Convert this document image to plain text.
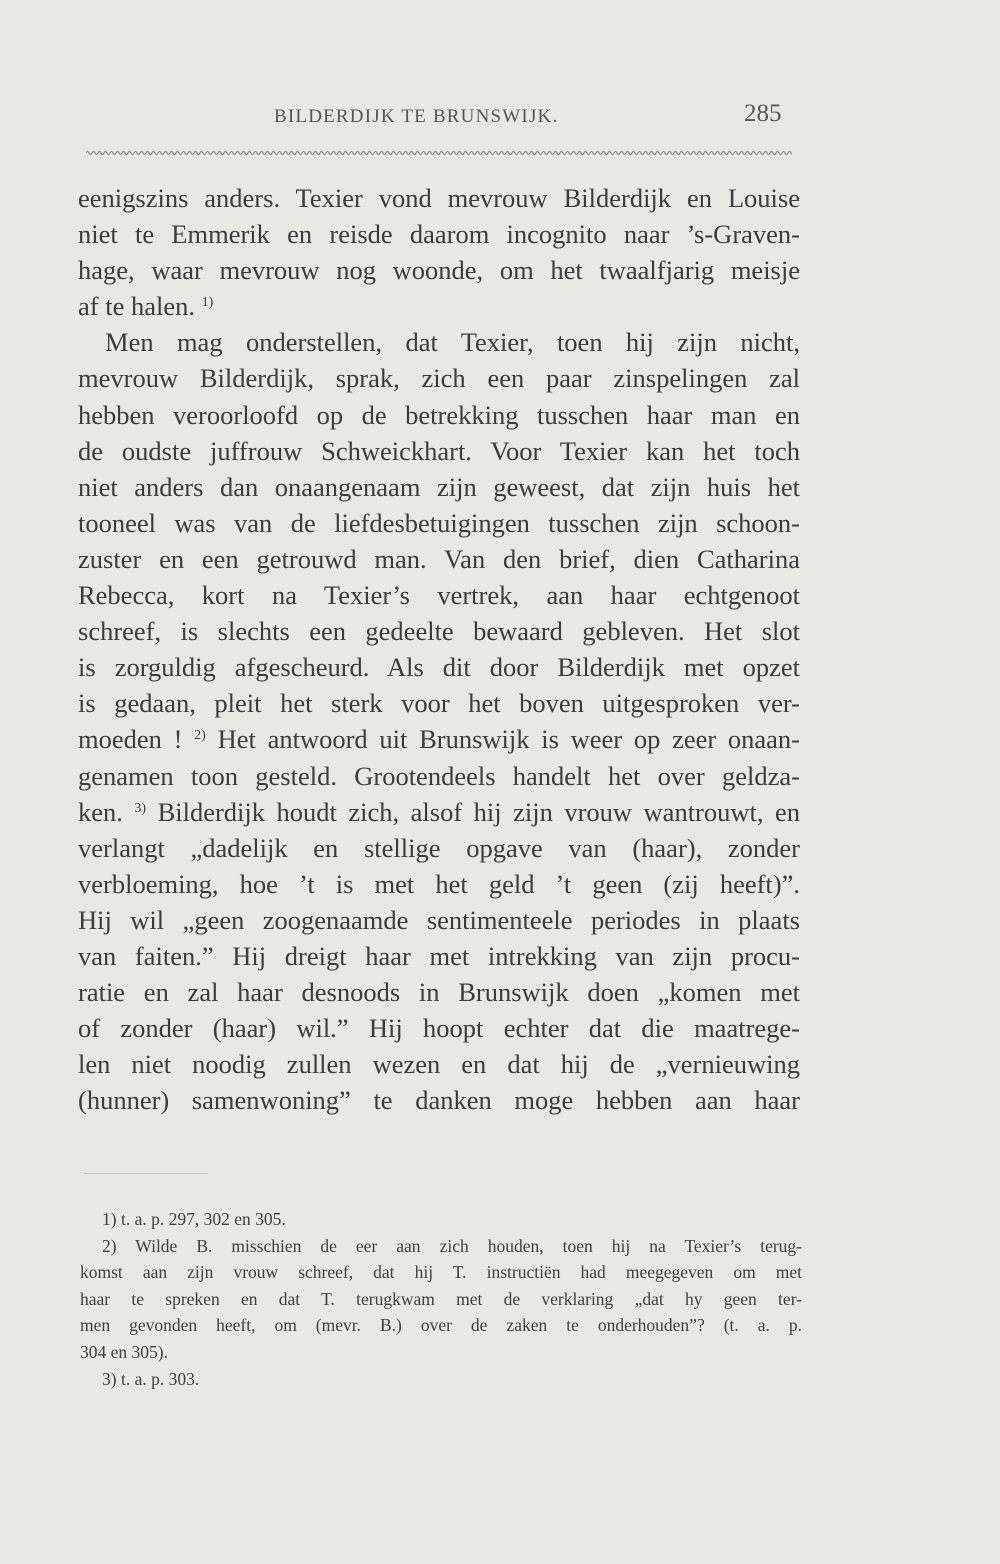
BILDERDIJK TE BRUNSWIJK.	285
eenigszins anders. Texier vond mevrouw Bilderdijk en Louise
niet te Emmerik en reisde daarom incognito naar ’s-Graven-
hage, waar mevrouw nog woonde, om het twaalfjarig meisje
af te halen. $^{1)}$
Men mag onderstellen, dat Texier, toen hij zijn nicht,
mevrouw Bilderdijk, sprak, zich een paar zinspelingen zal
hebben veroorloofd op de betrekking tusschen haar man en
de oudste juffrouw Schweickhart. Voor Texier kan het toch
niet anders dan onaangenaam zijn geweest, dat zijn huis het
tooneel was van de liefdesbetuigingen tusschen zijn schoon-
zuster en een getrouwd man. Van den brief, dien Catharina
Rebecca, kort na Texier’s vertrek, aan haar echtgenoot
schreef, is slechts een gedeelte bewaard gebleven. Het slot
is zorguldig afgescheurd. Als dit door Bilderdijk met opzet
is gedaan, pleit het sterk voor het boven uitgesproken ver-
moeden ! $^{2)}$ Het antwoord uit Brunswijk is weer op zeer onaan-
genamen toon gesteld. Grootendeels handelt het over geldza-
ken. $^{3)}$ Bilderdijk houdt zich, alsof hij zijn vrouw wantrouwt, en
verlangt „dadelijk en stellige opgave van (haar), zonder
verbloeming, hoe ’t is met het geld ’t geen (zij heeft)”.
Hij wil „geen zoogenaamde sentimenteele periodes in plaats
van faiten.” Hij dreigt haar met intrekking van zijn procu-
ratie en zal haar desnoods in Brunswijk doen „komen met
of zonder (haar) wil.” Hij hoopt echter dat die maatrege-
len niet noodig zullen wezen en dat hij de „vernieuwing
(hunner) samenwoning” te danken moge hebben aan haar
1) t. a. p. 297, 302 en 305.
2) Wilde B. misschien de eer aan zich houden, toen hij na Texier’s terug-
komst aan zijn vrouw schreef, dat hij T. instructiën had meegegeven om met
haar te spreken en dat T. terugkwam met de verklaring „dat hy geen ter-
men gevonden heeft, om (mevr. B.) over de zaken te onderhouden”? (t. a. p.
304 en 305).
3) t. a. p. 303.
